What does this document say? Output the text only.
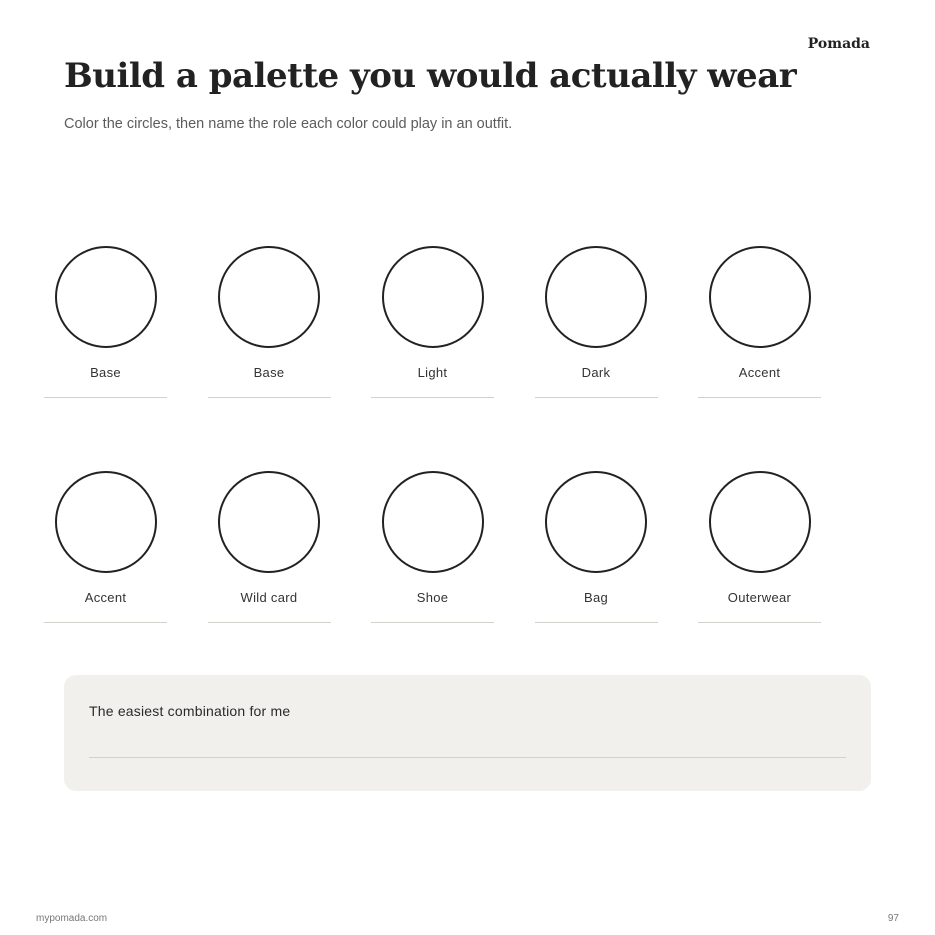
Pomada
Build a palette you would actually wear
Color the circles, then name the role each color could play in an outfit.
Base	Base	Light	Dark	Accent
Accent	Wild card	Shoe	Bag	Outerwear
The easiest combination for me
mypomada.com	97
